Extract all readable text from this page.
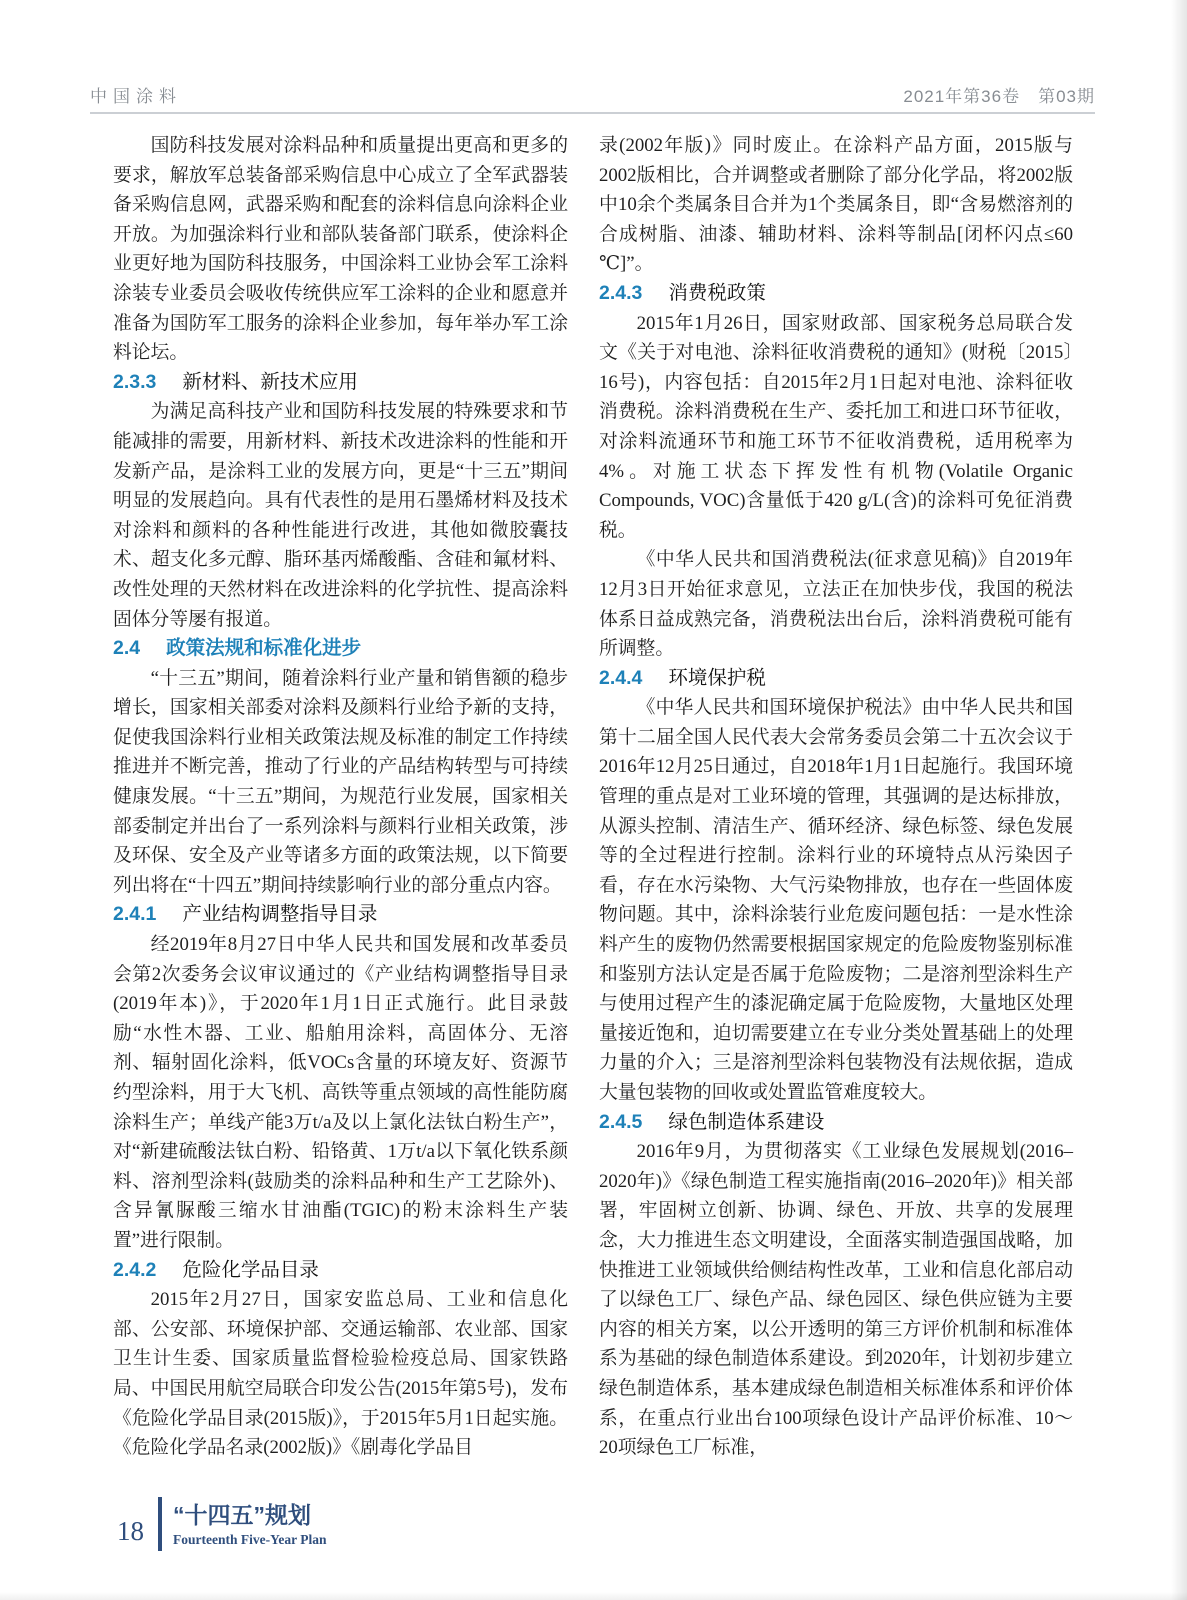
中国涂料	2021年第36卷　第03期

国防科技发展对涂料品种和质量提出更高和更多的要求，解放军总装备部采购信息中心成立了全军武器装备采购信息网，武器采购和配套的涂料信息向涂料企业开放。为加强涂料行业和部队装备部门联系，使涂料企业更好地为国防科技服务，中国涂料工业协会军工涂料涂装专业委员会吸收传统供应军工涂料的企业和愿意并准备为国防军工服务的涂料企业参加，每年举办军工涂料论坛。

2.3.3 新材料、新技术应用

为满足高科技产业和国防科技发展的特殊要求和节能减排的需要，用新材料、新技术改进涂料的性能和开发新产品，是涂料工业的发展方向，更是“十三五”期间明显的发展趋向。具有代表性的是用石墨烯材料及技术对涂料和颜料的各种性能进行改进，其他如微胶囊技术、超支化多元醇、脂环基丙烯酸酯、含硅和氟材料、改性处理的天然材料在改进涂料的化学抗性、提高涂料固体分等屡有报道。

2.4 政策法规和标准化进步

“十三五”期间，随着涂料行业产量和销售额的稳步增长，国家相关部委对涂料及颜料行业给予新的支持，促使我国涂料行业相关政策法规及标准的制定工作持续推进并不断完善，推动了行业的产品结构转型与可持续健康发展。“十三五”期间，为规范行业发展，国家相关部委制定并出台了一系列涂料与颜料行业相关政策，涉及环保、安全及产业等诸多方面的政策法规，以下简要列出将在“十四五”期间持续影响行业的部分重点内容。

2.4.1 产业结构调整指导目录

经2019年8月27日中华人民共和国发展和改革委员会第2次委务会议审议通过的《产业结构调整指导目录(2019年本)》，于2020年1月1日正式施行。此目录鼓励“水性木器、工业、船舶用涂料，高固体分、无溶剂、辐射固化涂料，低VOCs含量的环境友好、资源节约型涂料，用于大飞机、高铁等重点领域的高性能防腐涂料生产；单线产能3万t/a及以上氯化法钛白粉生产”，对“新建硫酸法钛白粉、铅铬黄、1万t/a以下氧化铁系颜料、溶剂型涂料(鼓励类的涂料品种和生产工艺除外)、含异氰脲酸三缩水甘油酯(TGIC)的粉末涂料生产装置”进行限制。

2.4.2 危险化学品目录

2015年2月27日，国家安监总局、工业和信息化部、公安部、环境保护部、交通运输部、农业部、国家卫生计生委、国家质量监督检验检疫总局、国家铁路局、中国民用航空局联合印发公告(2015年第5号)，发布《危险化学品目录(2015版)》，于2015年5月1日起实施。《危险化学品名录(2002版)》《剧毒化学品目

录(2002年版)》同时废止。在涂料产品方面，2015版与2002版相比，合并调整或者删除了部分化学品，将2002版中10余个类属条目合并为1个类属条目，即“含易燃溶剂的合成树脂、油漆、辅助材料、涂料等制品[闭杯闪点≤60 ℃]”。

2.4.3 消费税政策

2015年1月26日，国家财政部、国家税务总局联合发文《关于对电池、涂料征收消费税的通知》(财税〔2015〕16号)，内容包括：自2015年2月1日起对电池、涂料征收消费税。涂料消费税在生产、委托加工和进口环节征收，对涂料流通环节和施工环节不征收消费税，适用税率为4%。对施工状态下挥发性有机物(Volatile Organic Compounds, VOC)含量低于420 g/L(含)的涂料可免征消费税。

《中华人民共和国消费税法(征求意见稿)》自2019年12月3日开始征求意见，立法正在加快步伐，我国的税法体系日益成熟完备，消费税法出台后，涂料消费税可能有所调整。

2.4.4 环境保护税

《中华人民共和国环境保护税法》由中华人民共和国第十二届全国人民代表大会常务委员会第二十五次会议于2016年12月25日通过，自2018年1月1日起施行。我国环境管理的重点是对工业环境的管理，其强调的是达标排放，从源头控制、清洁生产、循环经济、绿色标签、绿色发展等的全过程进行控制。涂料行业的环境特点从污染因子看，存在水污染物、大气污染物排放，也存在一些固体废物问题。其中，涂料涂装行业危废问题包括：一是水性涂料产生的废物仍然需要根据国家规定的危险废物鉴别标准和鉴别方法认定是否属于危险废物；二是溶剂型涂料生产与使用过程产生的漆泥确定属于危险废物，大量地区处理量接近饱和，迫切需要建立在专业分类处置基础上的处理力量的介入；三是溶剂型涂料包装物没有法规依据，造成大量包装物的回收或处置监管难度较大。

2.4.5 绿色制造体系建设

2016年9月，为贯彻落实《工业绿色发展规划(2016–2020年)》《绿色制造工程实施指南(2016–2020年)》相关部署，牢固树立创新、协调、绿色、开放、共享的发展理念，大力推进生态文明建设，全面落实制造强国战略，加快推进工业领域供给侧结构性改革，工业和信息化部启动了以绿色工厂、绿色产品、绿色园区、绿色供应链为主要内容的相关方案，以公开透明的第三方评价机制和标准体系为基础的绿色制造体系建设。到2020年，计划初步建立绿色制造体系，基本建成绿色制造相关标准体系和评价体系，在重点行业出台100项绿色设计产品评价标准、10～20项绿色工厂标准，

18
“十四五”规划
Fourteenth Five-Year Plan
